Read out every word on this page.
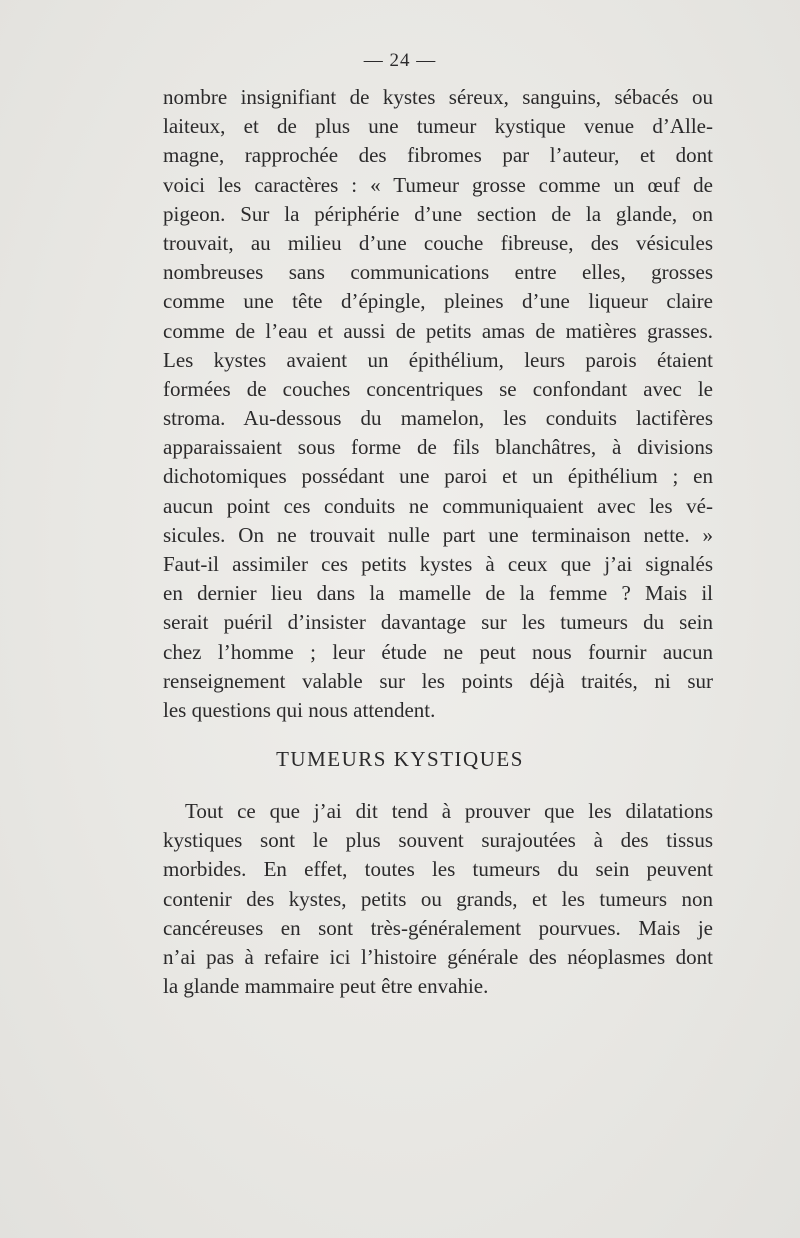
— 24 —
nombre insignifiant de kystes séreux, sanguins, sébacés ou
laiteux, et de plus une tumeur kystique venue d’Alle-
magne, rapprochée des fibromes par l’auteur, et dont
voici les caractères : « Tumeur grosse comme un œuf de
pigeon. Sur la périphérie d’une section de la glande, on
trouvait, au milieu d’une couche fibreuse, des vésicules
nombreuses sans communications entre elles, grosses
comme une tête d’épingle, pleines d’une liqueur claire
comme de l’eau et aussi de petits amas de matières grasses.
Les kystes avaient un épithélium, leurs parois étaient
formées de couches concentriques se confondant avec le
stroma. Au-dessous du mamelon, les conduits lactifères
apparaissaient sous forme de fils blanchâtres, à divisions
dichotomiques possédant une paroi et un épithélium ; en
aucun point ces conduits ne communiquaient avec les vé-
sicules. On ne trouvait nulle part une terminaison nette. »
Faut-il assimiler ces petits kystes à ceux que j’ai signalés
en dernier lieu dans la mamelle de la femme ? Mais il
serait puéril d’insister davantage sur les tumeurs du sein
chez l’homme ; leur étude ne peut nous fournir aucun
renseignement valable sur les points déjà traités, ni sur
les questions qui nous attendent.
TUMEURS KYSTIQUES
Tout ce que j’ai dit tend à prouver que les dilatations
kystiques sont le plus souvent surajoutées à des tissus
morbides. En effet, toutes les tumeurs du sein peuvent
contenir des kystes, petits ou grands, et les tumeurs non
cancéreuses en sont très-généralement pourvues. Mais je
n’ai pas à refaire ici l’histoire générale des néoplasmes dont
la glande mammaire peut être envahie.
